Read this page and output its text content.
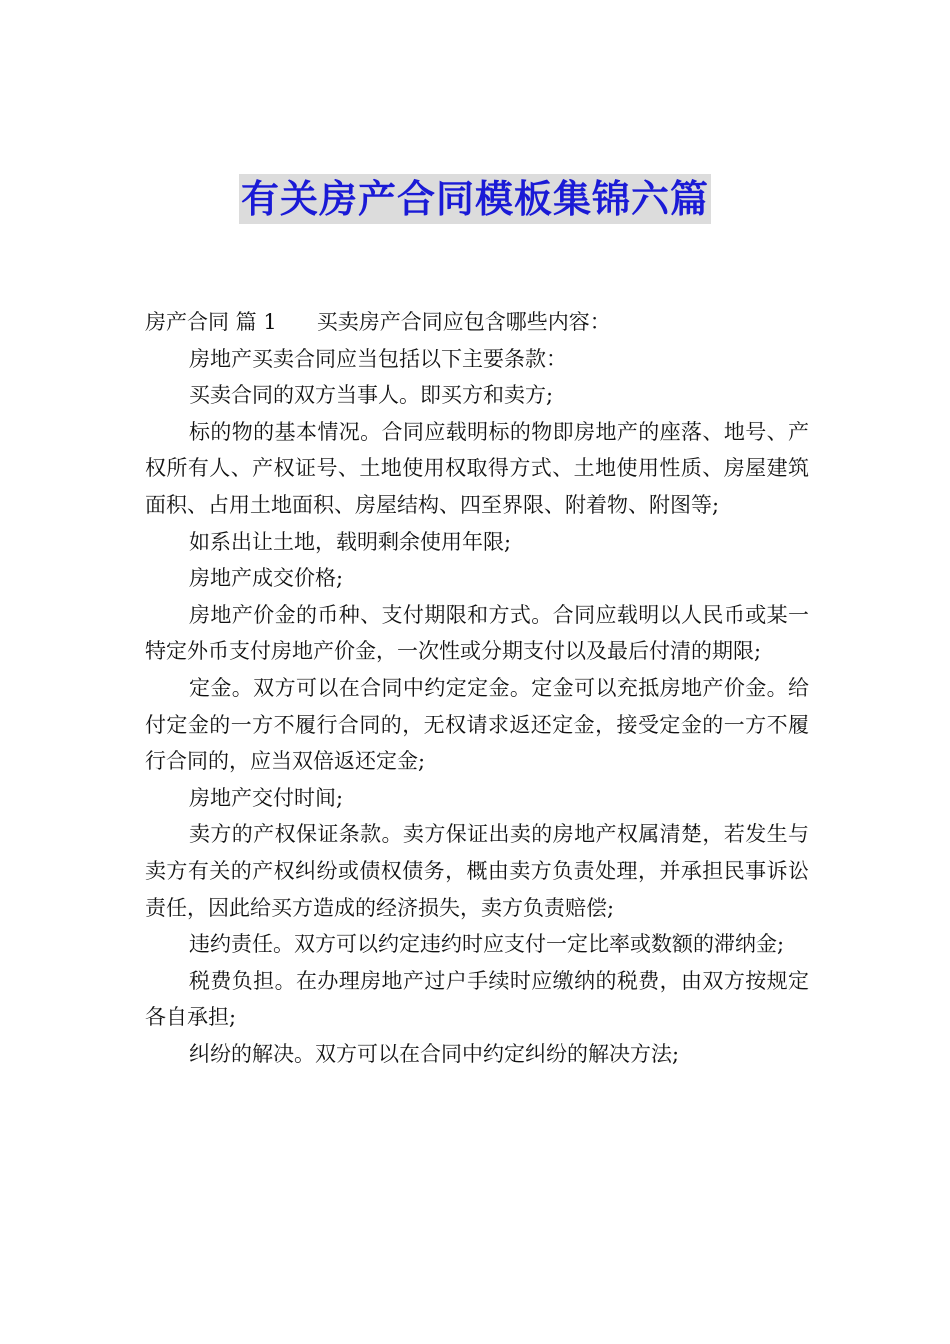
有关房产合同模板集锦六篇
房产合同 篇 1 买卖房产合同应包含哪些内容：

房地产买卖合同应当包括以下主要条款：

买卖合同的双方当事人。即买方和卖方;

标的物的基本情况。合同应载明标的物即房地产的座落、地号、产权所有人、产权证号、土地使用权取得方式、土地使用性质、房屋建筑面积、占用土地面积、房屋结构、四至界限、附着物、附图等;

如系出让土地，载明剩余使用年限;

房地产成交价格;

房地产价金的币种、支付期限和方式。合同应载明以人民币或某一特定外币支付房地产价金，一次性或分期支付以及最后付清的期限;

定金。双方可以在合同中约定定金。定金可以充抵房地产价金。给付定金的一方不履行合同的，无权请求返还定金，接受定金的一方不履行合同的，应当双倍返还定金;

房地产交付时间;

卖方的产权保证条款。卖方保证出卖的房地产权属清楚，若发生与卖方有关的产权纠纷或债权债务，概由卖方负责处理，并承担民事诉讼责任，因此给买方造成的经济损失，卖方负责赔偿;

违约责任。双方可以约定违约时应支付一定比率或数额的滞纳金;

税费负担。在办理房地产过户手续时应缴纳的税费，由双方按规定各自承担;

纠纷的解决。双方可以在合同中约定纠纷的解决方法;
